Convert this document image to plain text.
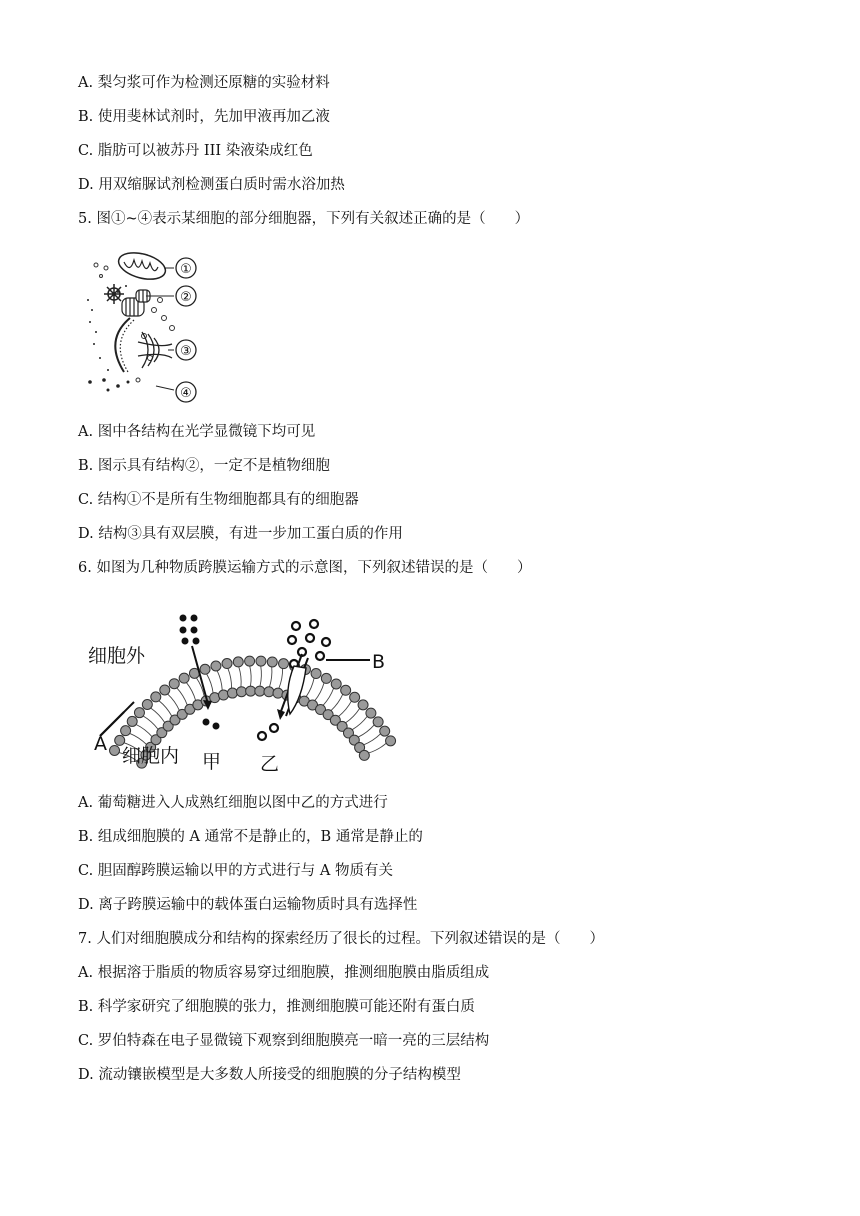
A. 梨匀浆可作为检测还原糖的实验材料
B. 使用斐林试剂时，先加甲液再加乙液
C. 脂肪可以被苏丹 III 染液染成红色
D. 用双缩脲试剂检测蛋白质时需水浴加热
5. 图①~④表示某细胞的部分细胞器，下列有关叙述正确的是（　　）
①
②
③
④
A. 图中各结构在光学显微镜下均可见
B. 图示具有结构②，一定不是植物细胞
C. 结构①不是所有生物细胞都具有的细胞器
D. 结构③具有双层膜，有进一步加工蛋白质的作用
6. 如图为几种物质跨膜运输方式的示意图，下列叙述错误的是（　　）
细胞外
细胞内
A
B
甲 乙
A. 葡萄糖进入人成熟红细胞以图中乙的方式进行
B. 组成细胞膜的 A 通常不是静止的，B 通常是静止的
C. 胆固醇跨膜运输以甲的方式进行与 A 物质有关
D. 离子跨膜运输中的载体蛋白运输物质时具有选择性
7. 人们对细胞膜成分和结构的探索经历了很长的过程。下列叙述错误的是（　　）
A. 根据溶于脂质的物质容易穿过细胞膜，推测细胞膜由脂质组成
B. 科学家研究了细胞膜的张力，推测细胞膜可能还附有蛋白质
C. 罗伯特森在电子显微镜下观察到细胞膜亮一暗一亮的三层结构
D. 流动镶嵌模型是大多数人所接受的细胞膜的分子结构模型
